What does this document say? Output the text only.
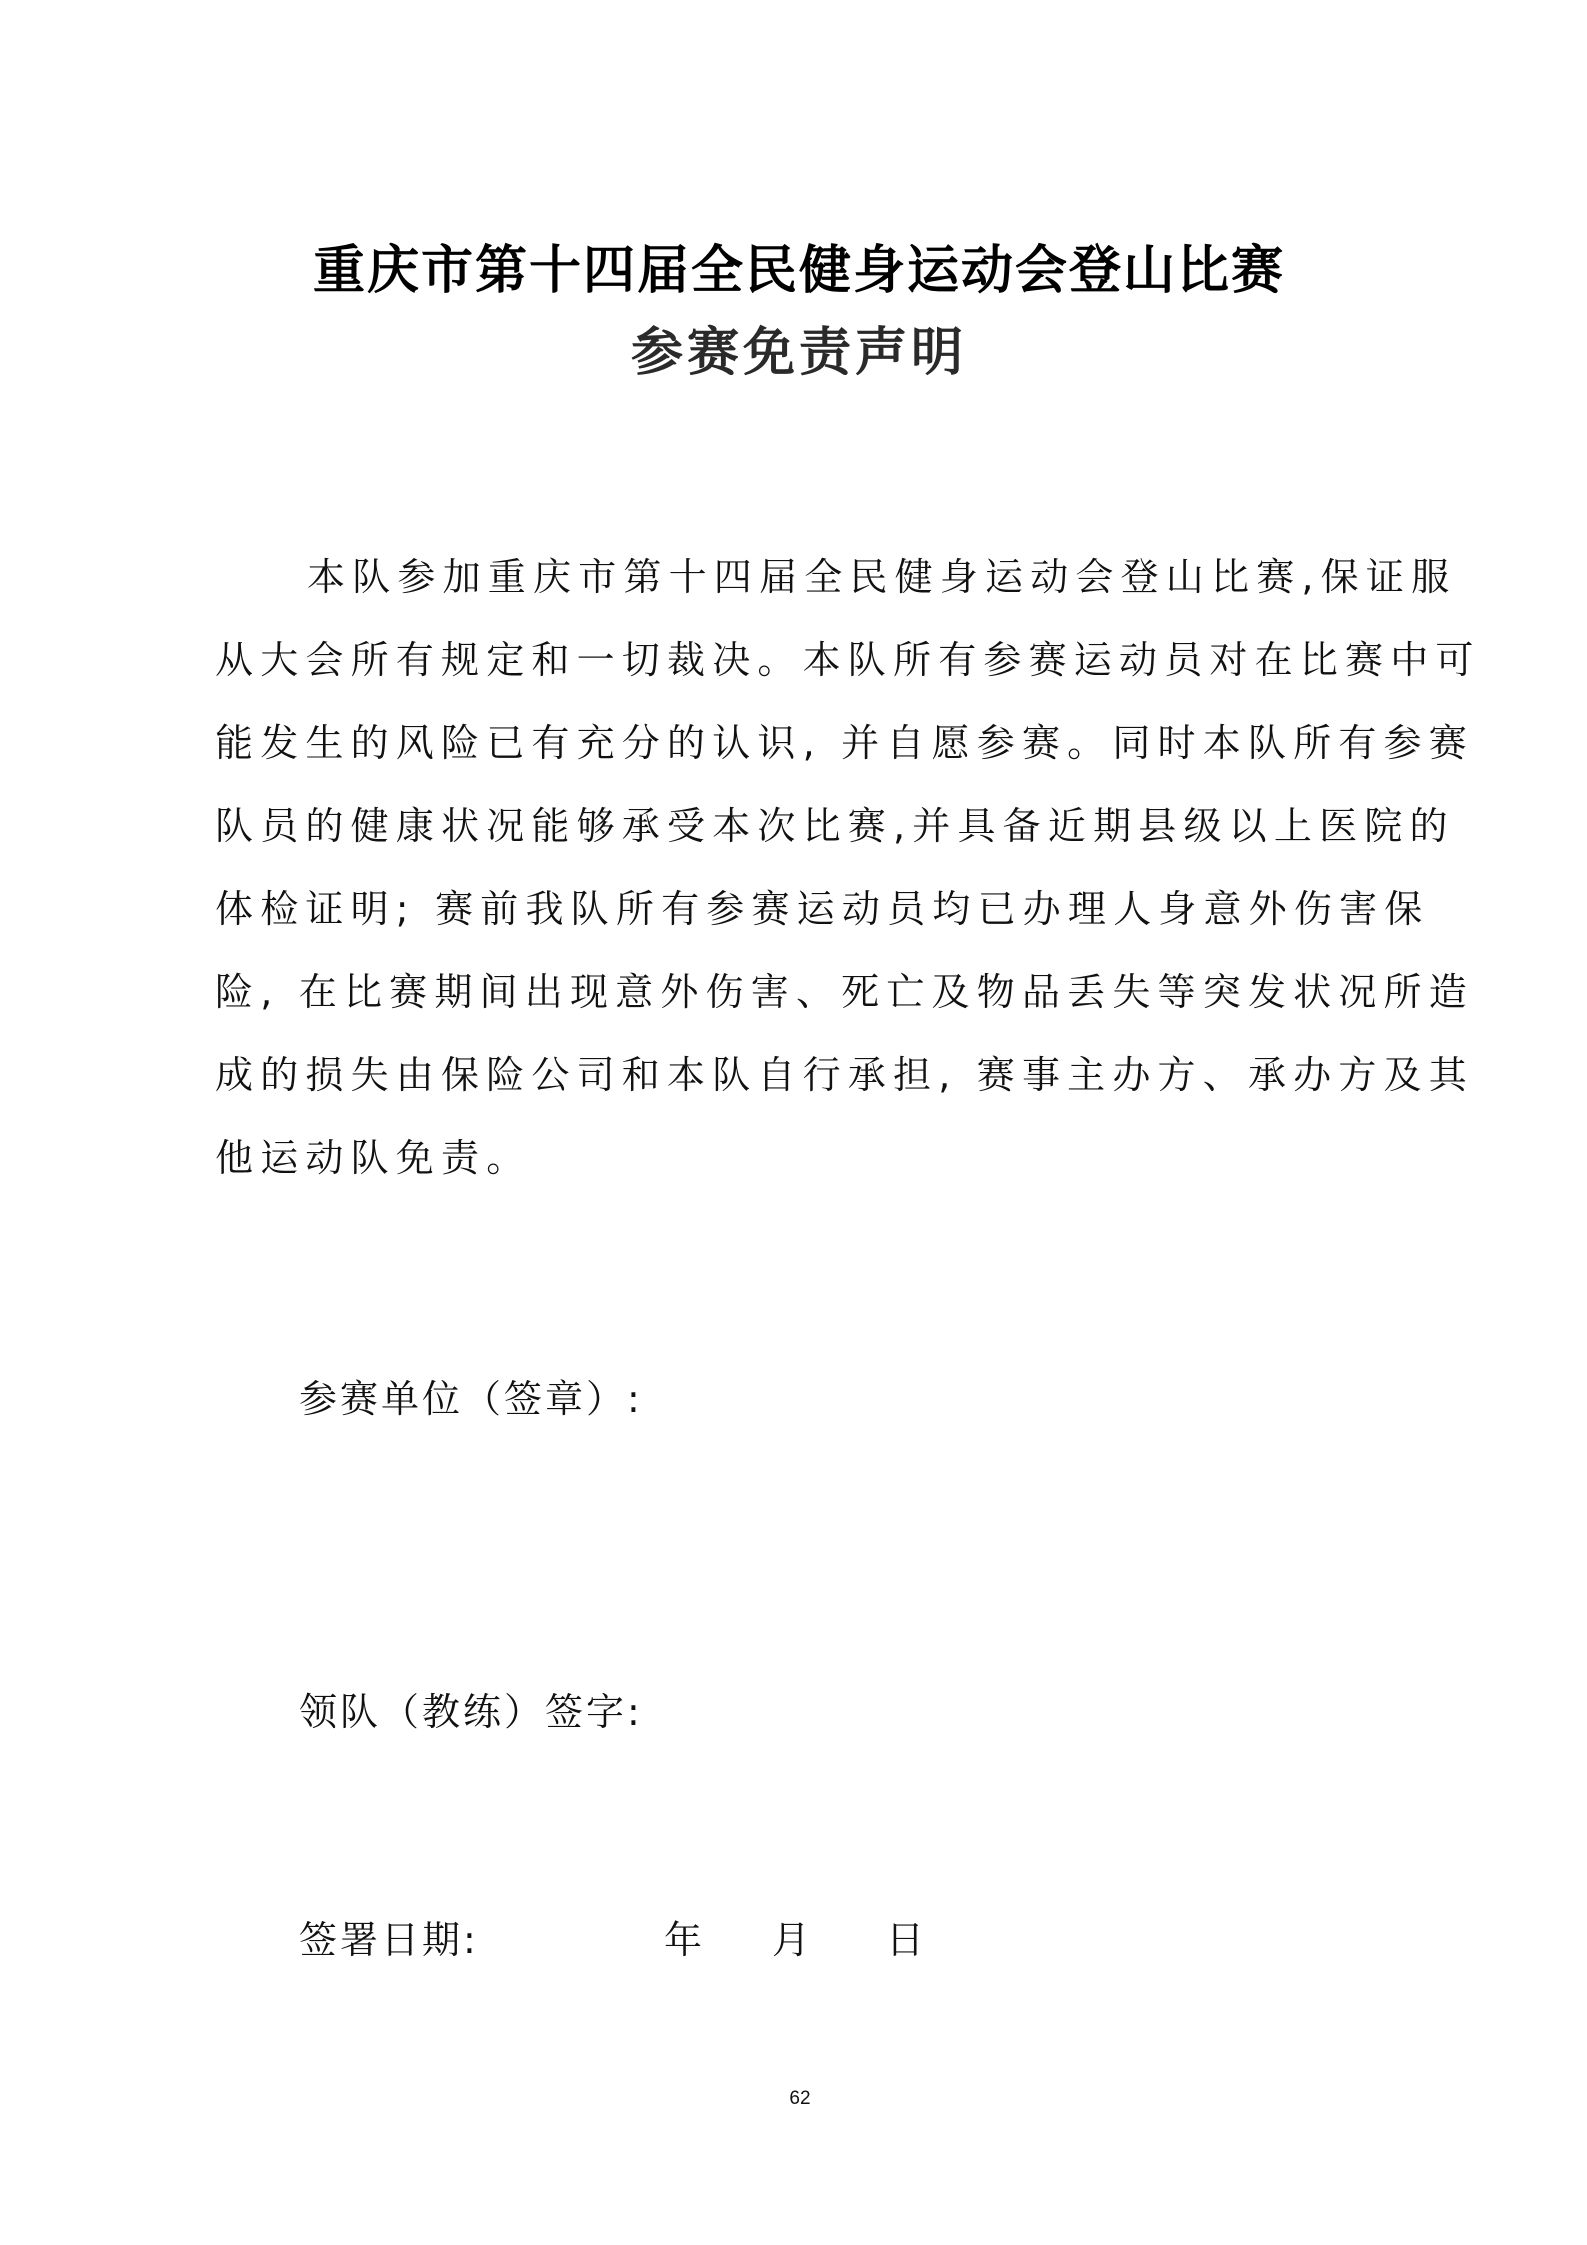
重庆市第十四届全民健身运动会登山比赛
参赛免责声明
本队参加重庆市第十四届全民健身运动会登山比赛,保证服
从大会所有规定和一切裁决。本队所有参赛运动员对在比赛中可
能发生的风险已有充分的认识, 并自愿参赛。同时本队所有参赛
队员的健康状况能够承受本次比赛,并具备近期县级以上医院的
体检证明; 赛前我队所有参赛运动员均已办理人身意外伤害保
险, 在比赛期间出现意外伤害、死亡及物品丢失等突发状况所造
成的损失由保险公司和本队自行承担, 赛事主办方、承办方及其
他运动队免责。
参赛单位（签章）:
领队（教练）签字:
签署日期:	年 月 日
62
